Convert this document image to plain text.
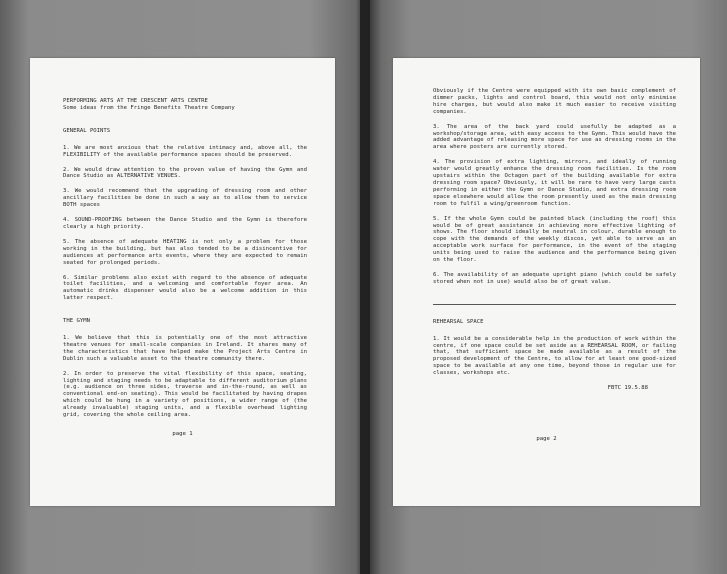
PERFORMING ARTS AT THE CRESCENT ARTS CENTRE

Some ideas from the Fringe Benefits Theatre Company

GENERAL POINTS

1. We are most anxious that the relative intimacy and, above all, the FLEXIBILITY of the available performance spaces should be preserved.

2. We would draw attention to the proven value of having the Gymn and Dance Studio as ALTERNATIVE VENUES.

3. We would recommend that the upgrading of dressing room and other ancillary facilities be done in such a way as to allow them to service BOTH spaces

4. SOUND-PROOFING between the Dance Studio and the Gymn is therefore clearly a high priority.

5. The absence of adequate HEATING is not only a problem for those working in the building, but has also tended to be a disincentive for audiences at performance arts events, where they are expected to remain seated for prolonged periods.

6. Similar problems also exist with regard to the absence of adequate toilet facilities, and a welcoming and comfortable foyer area. An automatic drinks dispenser would also be a welcome addition in this latter respect.

THE GYMN

1. We believe that this is potentially one of the most attractive theatre venues for small-scale companies in Ireland. It shares many of the characteristics that have helped make the Project Arts Centre in Dublin such a valuable asset to the theatre community there.

2. In order to preserve the vital flexibility of this space, seating, lighting and staging needs to be adaptable to different auditorium plans (e.g. audience on three sides, traverse and in-the-round, as well as conventional end-on seating). This would be facilitated by having drapes which could be hung in a variety of positions, a wider range of (the already invaluable) staging units, and a flexible overhead lighting grid, covering the whole ceiling area.

page 1

Obviously if the Centre were equipped with its own basic complement of dimmer packs, lights and control board, this would not only minimise hire charges, but would also make it much easier to receive visiting companies.

3. The area of the back yard could usefully be adapted as a workshop/storage area, with easy access to the Gymn. This would have the added advantage of releasing more space for use as dressing rooms in the area where posters are currently stored.

4. The provision of extra lighting, mirrors, and ideally of running water would greatly enhance the dressing room facilities. Is the room upstairs within the Octagon part of the building available for extra dressing room space? Obviously, it will be rare to have very large casts performing in either the Gymn or Dance Studio, and extra dressing room space elsewhere would allow the room presently used as the main dressing room to fulfil a wing/greenroom function.

5. If the whole Gymn could be painted black (including the roof) this would be of great assistance in achieving more effective lighting of shows. The floor should ideally be neutral in colour, durable enough to cope with the demands of the weekly discos, yet able to serve as an acceptable work surface for performance, in the event of the staging units being used to raise the audience and the performance being given on the floor.

6. The availability of an adequate upright piano (which could be safely stored when not in use) would also be of great value.

REHEARSAL SPACE

1. It would be a considerable help in the production of work within the centre, if one space could be set aside as a REHEARSAL ROOM, or failing that, that sufficient space be made available as a result of the proposed development of the Centre, to allow for at least one good-sized space to be available at any one time, beyond those in regular use for classes, workshops etc.

FBTC 19.5.88

page 2
